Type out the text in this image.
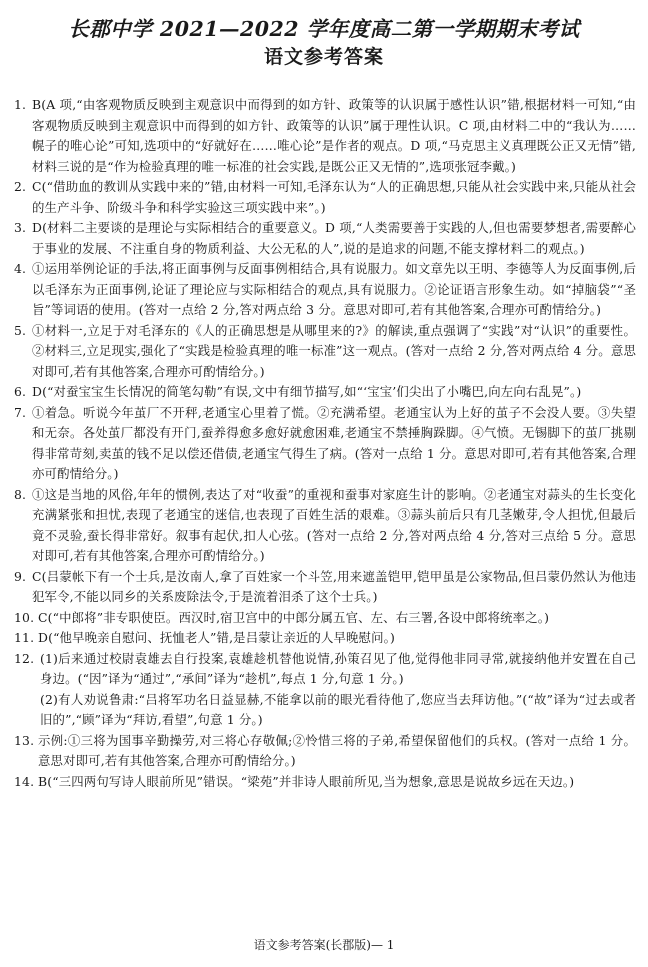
长郡中学 2021—2022 学年度高二第一学期期末考试
语文参考答案
1. B(A 项,“由客观物质反映到主观意识中而得到的如方针、政策等的认识属于感性认识”错,根据材料一可知,“由客观物质反映到主观意识中而得到的如方针、政策等的认识”属于理性认识。C 项,由材料二中的“我认为……幌子的唯心论”可知,选项中的“好就好在……唯心论”是作者的观点。D 项,“马克思主义真理既公正又无情”错,材料三说的是“作为检验真理的唯一标准的社会实践,是既公正又无情的”,选项张冠李戴。)
2. C(“借助血的教训从实践中来的”错,由材料一可知,毛泽东认为“人的正确思想,只能从社会实践中来,只能从社会的生产斗争、阶级斗争和科学实验这三项实践中来”。)
3. D(材料二主要谈的是理论与实际相结合的重要意义。D 项,“人类需要善于实践的人,但也需要梦想者,需要醉心于事业的发展、不注重自身的物质利益、大公无私的人”,说的是追求的问题,不能支撑材料二的观点。)
4. ①运用举例论证的手法,将正面事例与反面事例相结合,具有说服力。如文章先以王明、李德等人为反面事例,后以毛泽东为正面事例,论证了理论应与实际相结合的观点,具有说服力。②论证语言形象生动。如“掉脑袋”“圣旨”等词语的使用。(答对一点给 2 分,答对两点给 3 分。意思对即可,若有其他答案,合理亦可酌情给分。)
5. ①材料一,立足于对毛泽东的《人的正确思想是从哪里来的?》的解读,重点强调了“实践”对“认识”的重要性。②材料三,立足现实,强化了“实践是检验真理的唯一标准”这一观点。(答对一点给 2 分,答对两点给 4 分。意思对即可,若有其他答案,合理亦可酌情给分。)
6. D(“对蚕宝宝生长情况的简笔勾勒”有误,文中有细节描写,如“‘宝宝’们尖出了小嘴巴,向左向右乱晃”。)
7. ①着急。听说今年茧厂不开秤,老通宝心里着了慌。②充满希望。老通宝认为上好的茧子不会没人要。③失望和无奈。各处茧厂都没有开门,蚕养得愈多愈好就愈困难,老通宝不禁捶胸跺脚。④气愤。无锡脚下的茧厂挑剔得非常苛刻,卖茧的钱不足以偿还借债,老通宝气得生了病。(答对一点给 1 分。意思对即可,若有其他答案,合理亦可酌情给分。)
8. ①这是当地的风俗,年年的惯例,表达了对“收蚕”的重视和蚕事对家庭生计的影响。②老通宝对蒜头的生长变化充满紧张和担忧,表现了老通宝的迷信,也表现了百姓生活的艰难。③蒜头前后只有几茎嫩芽,令人担忧,但最后竟不灵验,蚕长得非常好。叙事有起伏,扣人心弦。(答对一点给 2 分,答对两点给 4 分,答对三点给 5 分。意思对即可,若有其他答案,合理亦可酌情给分。)
9. C(吕蒙帐下有一个士兵,是汝南人,拿了百姓家一个斗笠,用来遮盖铠甲,铠甲虽是公家物品,但吕蒙仍然认为他违犯军令,不能以同乡的关系废除法令,于是流着泪杀了这个士兵。)
10. C(“中郎将”非专职使臣。西汉时,宿卫宫中的中郎分属五官、左、右三署,各设中郎将统率之。)
11. D(“他早晚亲自慰问、抚恤老人”错,是吕蒙让亲近的人早晚慰问。)
12. (1)后来通过校尉袁雄去自行投案,袁雄趁机替他说情,孙策召见了他,觉得他非同寻常,就接纳他并安置在自己身边。(“因”译为“通过”,“承间”译为“趁机”,每点 1 分,句意 1 分。)
(2)有人劝说鲁肃:“吕将军功名日益显赫,不能拿以前的眼光看待他了,您应当去拜访他。”(“故”译为“过去或者旧的”,“顾”译为“拜访,看望”,句意 1 分。)
13. 示例:①三将为国事辛勤操劳,对三将心存敬佩;②怜惜三将的子弟,希望保留他们的兵权。(答对一点给 1 分。意思对即可,若有其他答案,合理亦可酌情给分。)
14. B(“三四两句写诗人眼前所见”错误。“梁苑”并非诗人眼前所见,当为想象,意思是说故乡远在天边。)
语文参考答案(长郡版)— 1
